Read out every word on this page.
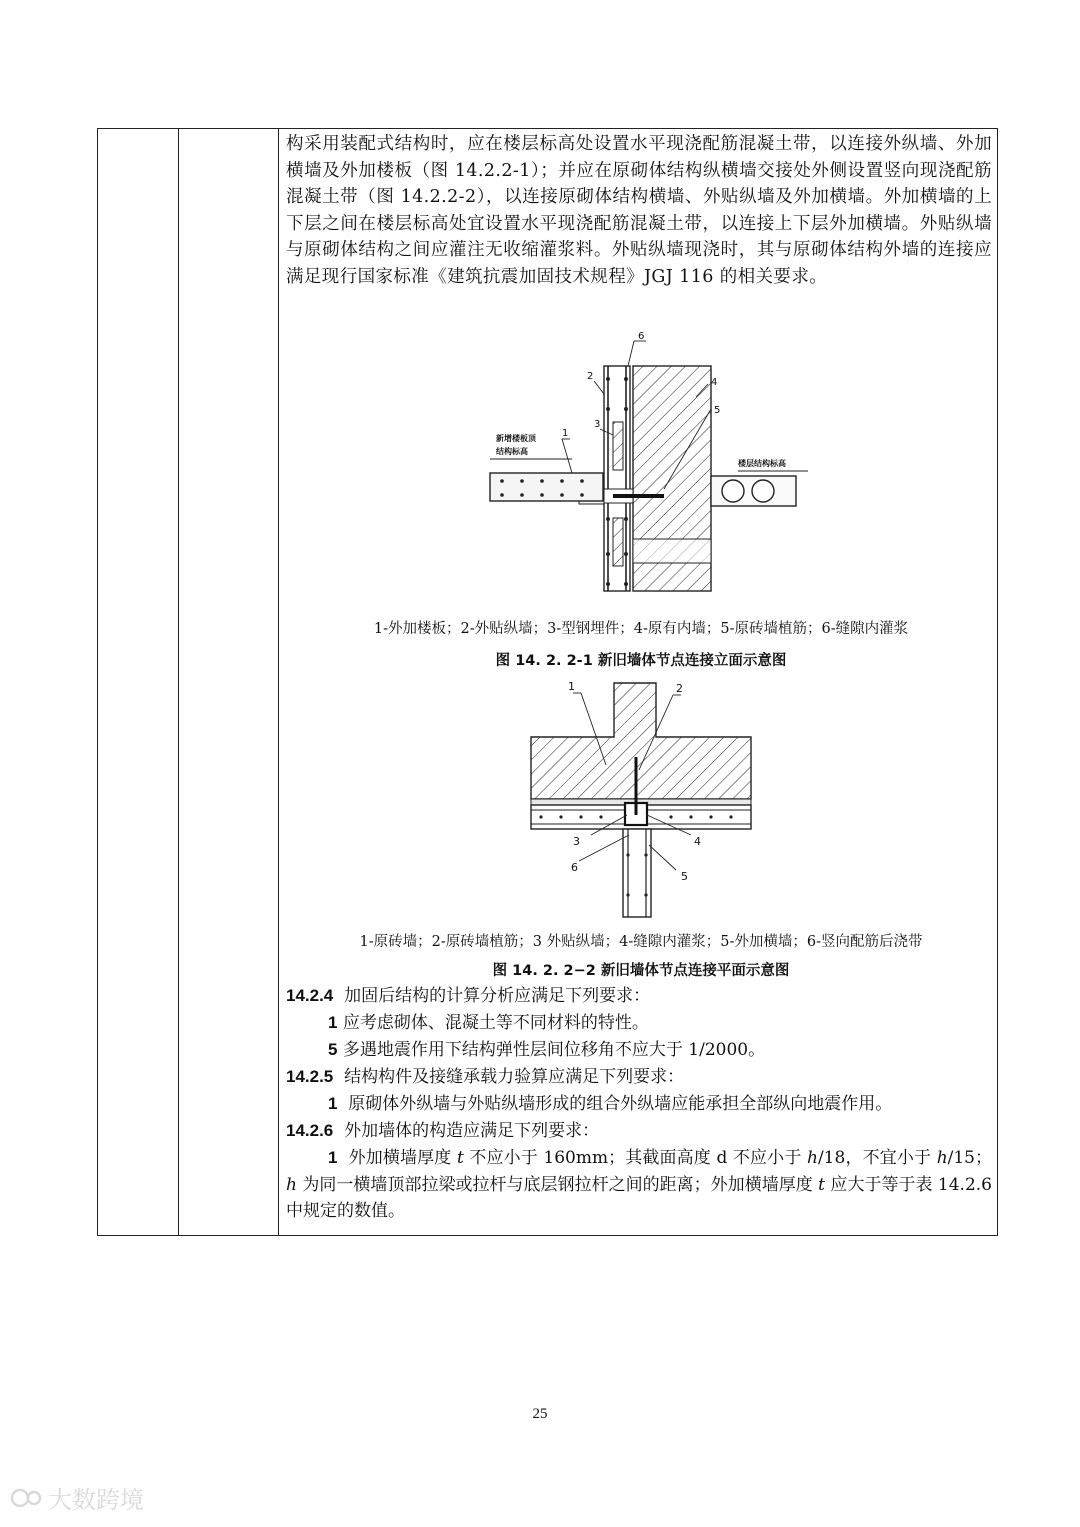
构采用装配式结构时，应在楼层标高处设置水平现浇配筋混凝土带，以连接外纵墙、外加横墙及外加楼板（图 14.2.2-1）；并应在原砌体结构纵横墙交接处外侧设置竖向现浇配筋混凝土带（图 14.2.2-2），以连接原砌体结构横墙、外贴纵墙及外加横墙。外加横墙的上下层之间在楼层标高处宜设置水平现浇配筋混凝土带，以连接上下层外加横墙。外贴纵墙与原砌体结构之间应灌注无收缩灌浆料。外贴纵墙现浇时，其与原砌体结构外墙的连接应满足现行国家标准《建筑抗震加固技术规程》JGJ 116 的相关要求。

6
4
5
2
3
1
新增楼板顶
结构标高
楼层结构标高
1-外加楼板；2-外贴纵墙；3-型钢埋件；4-原有内墙；5-原砖墙植筋；6-缝隙内灌浆
图 14. 2. 2-1 新旧墙体节点连接立面示意图
1	2
3	4
5
6
1-原砖墙；2-原砖墙植筋；3 外贴纵墙；4-缝隙内灌浆；5-外加横墙；6-竖向配筋后浇带
图 14. 2. 2−2 新旧墙体节点连接平面示意图
14.2.4 加固后结构的计算分析应满足下列要求：
1 应考虑砌体、混凝土等不同材料的特性。
5 多遇地震作用下结构弹性层间位移角不应大于 1/2000。
14.2.5 结构构件及接缝承载力验算应满足下列要求：
1 原砌体外纵墙与外贴纵墙形成的组合外纵墙应能承担全部纵向地震作用。
14.2.6 外加墙体的构造应满足下列要求：
1 外加横墙厚度 t 不应小于 160mm；其截面高度 d 不应小于 h/18，不宜小于 h/15；h 为同一横墙顶部拉梁或拉杆与底层钢拉杆之间的距离；外加横墙厚度 t 应大于等于表 14.2.6 中规定的数值。
25
大数跨境
